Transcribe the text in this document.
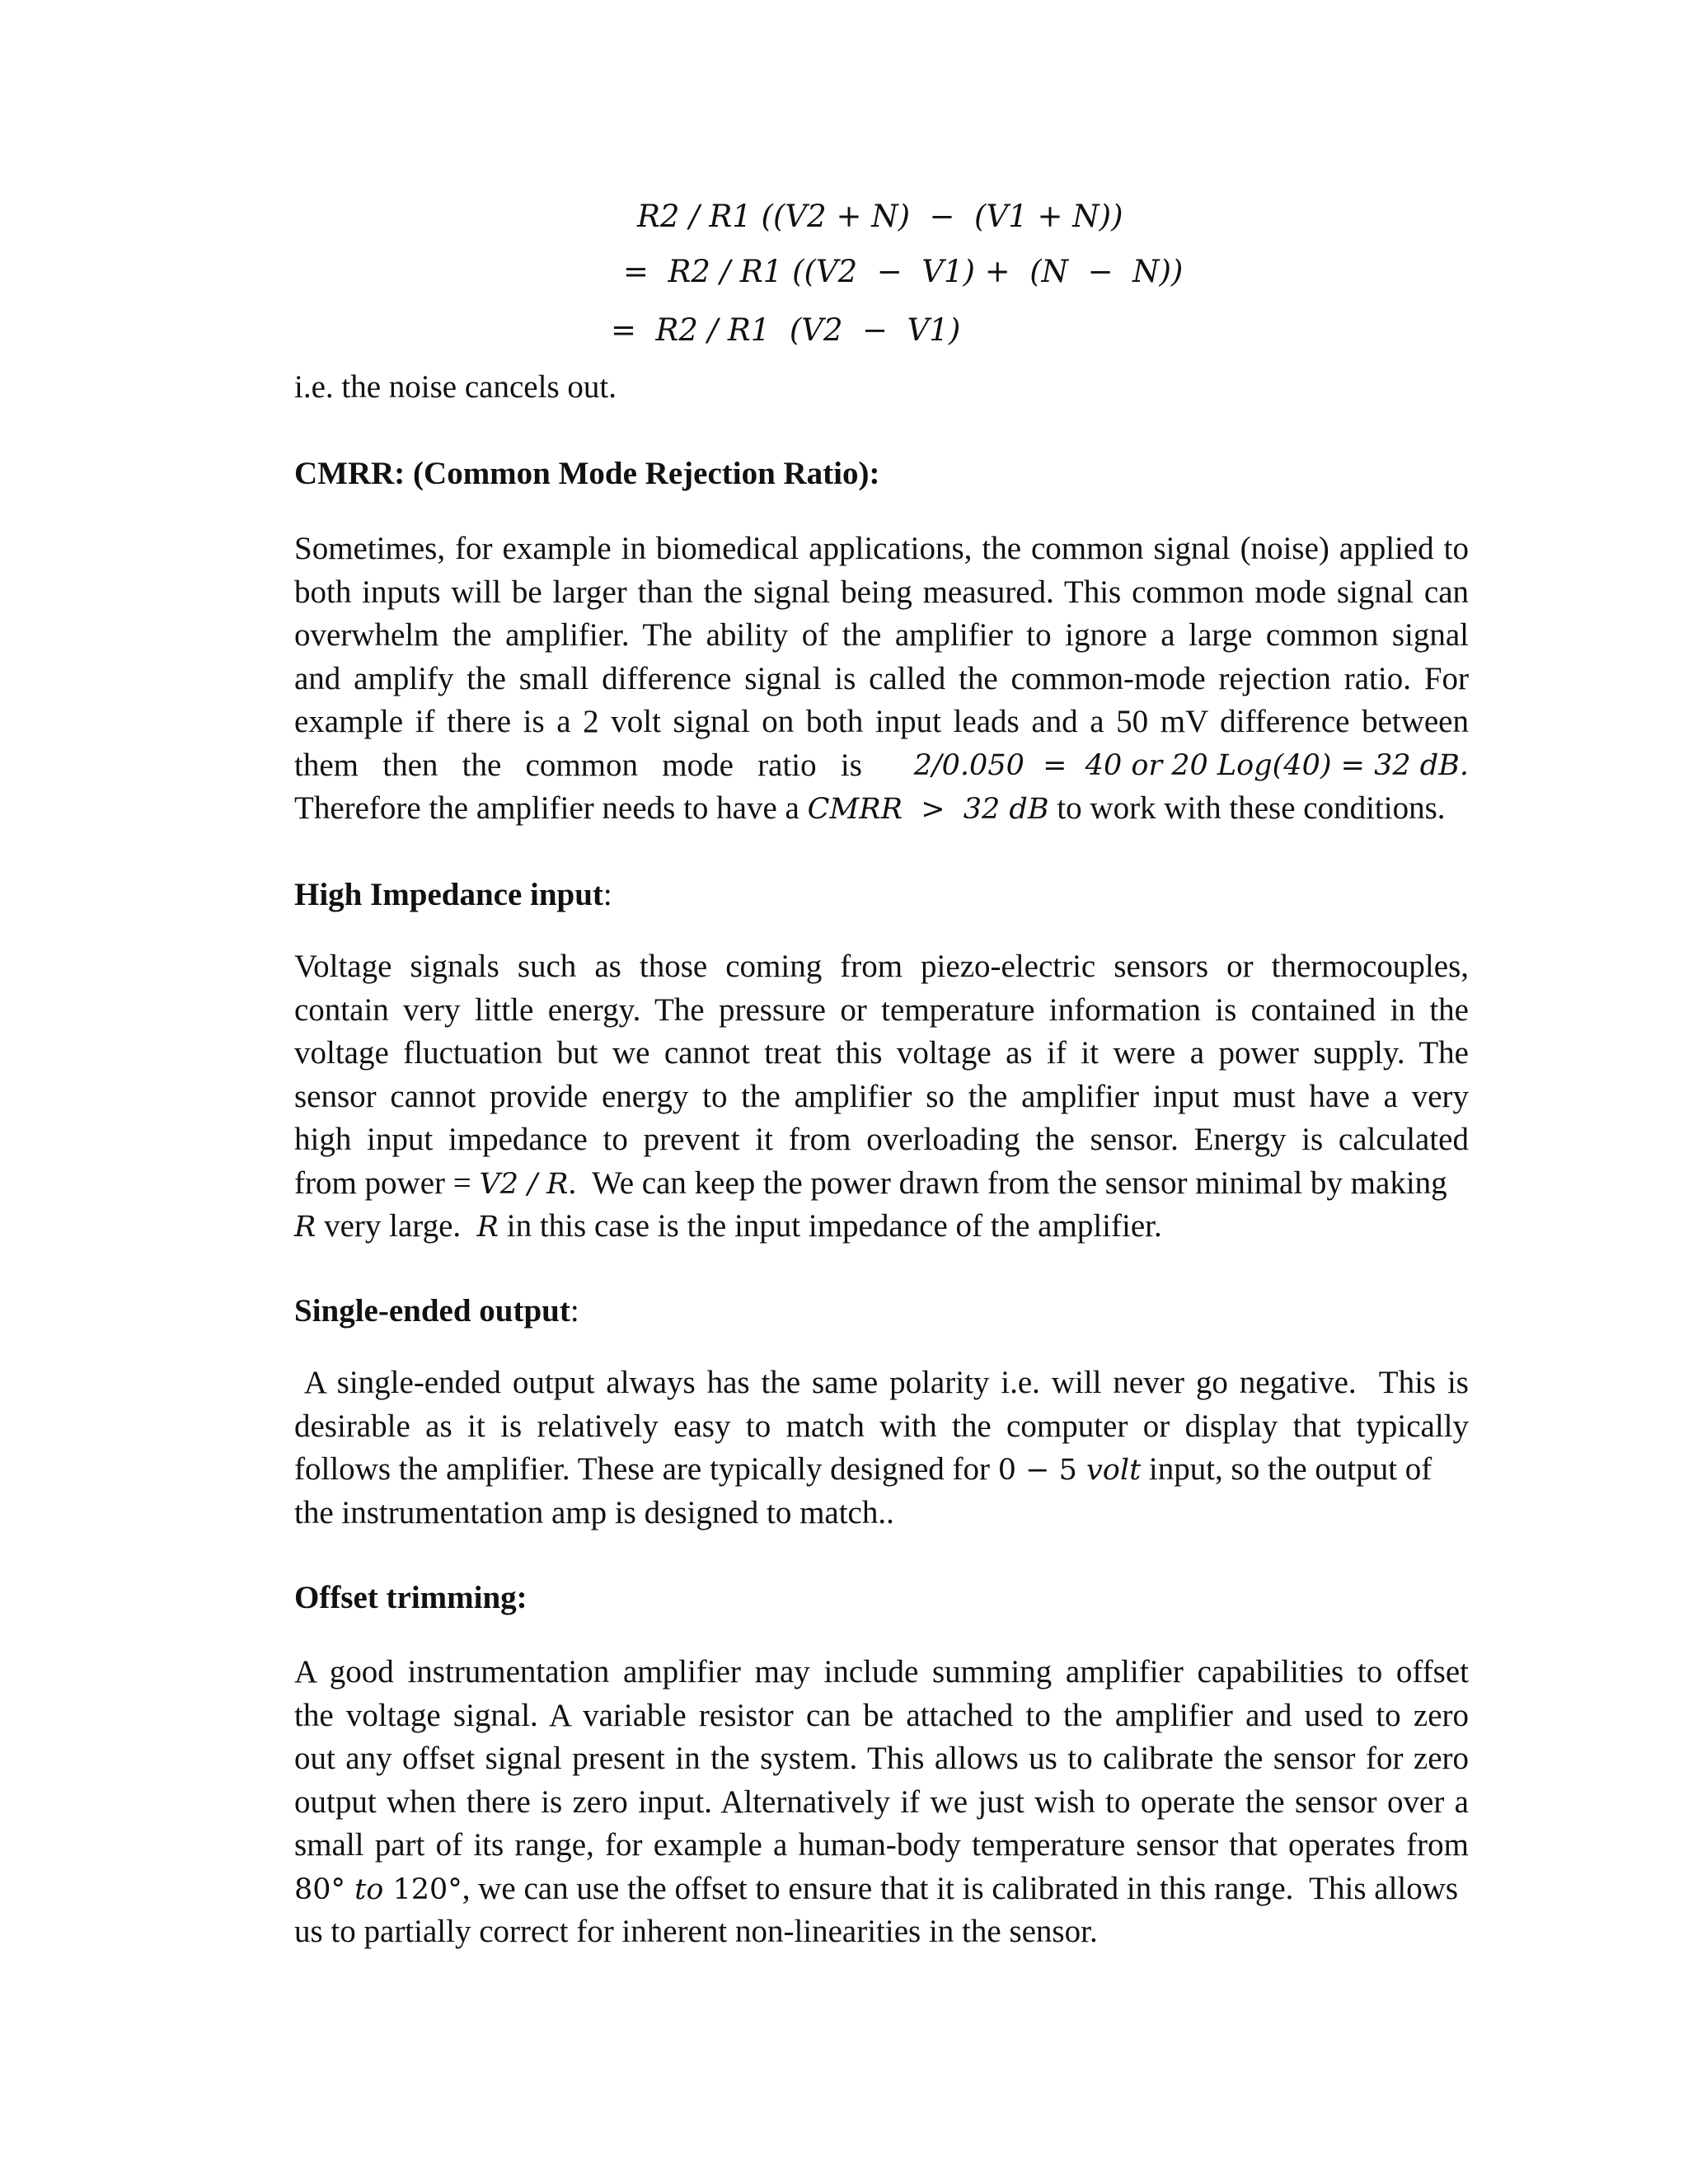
R2 / R1 ((V2 + N)  −  (V1 + N))
=  R2 / R1 ((V2  −  V1) +  (N  −  N))
=  R2 / R1  (V2  −  V1)
i.e. the noise cancels out.
CMRR: (Common Mode Rejection Ratio):
Sometimes, for example in biomedical applications, the common signal (noise) applied to
both inputs will be larger than the signal being measured. This common mode signal can
overwhelm the amplifier. The ability of the amplifier to ignore a large common signal
and amplify the small difference signal is called the common-mode rejection ratio. For
example if there is a 2 volt signal on both input leads and a 50 mV difference between
them   then   the   common   mode   ratio   is 2/0.050  =  40 or 20 Log(40) = 32 dB.
Therefore the amplifier needs to have a CMRR  >  32 dB to work with these conditions.
High Impedance input:
Voltage signals such as those coming from piezo-electric sensors or thermocouples,
contain very little energy. The pressure or temperature information is contained in the
voltage fluctuation but we cannot treat this voltage as if it were a power supply. The
sensor cannot provide energy to the amplifier so the amplifier input must have a very
high input impedance to prevent it from overloading the sensor. Energy is calculated
from power = V2 / R.  We can keep the power drawn from the sensor minimal by making
R very large.  R in this case is the input impedance of the amplifier.
Single-ended output:
A single-ended output always has the same polarity i.e. will never go negative.  This is
desirable as it is relatively easy to match with the computer or display that typically
follows the amplifier. These are typically designed for 0 − 5 volt input, so the output of
the instrumentation amp is designed to match..
Offset trimming:
A good instrumentation amplifier may include summing amplifier capabilities to offset
the voltage signal. A variable resistor can be attached to the amplifier and used to zero
out any offset signal present in the system. This allows us to calibrate the sensor for zero
output when there is zero input. Alternatively if we just wish to operate the sensor over a
small part of its range, for example a human-body temperature sensor that operates from
80° to 120°, we can use the offset to ensure that it is calibrated in this range.  This allows
us to partially correct for inherent non-linearities in the sensor.
